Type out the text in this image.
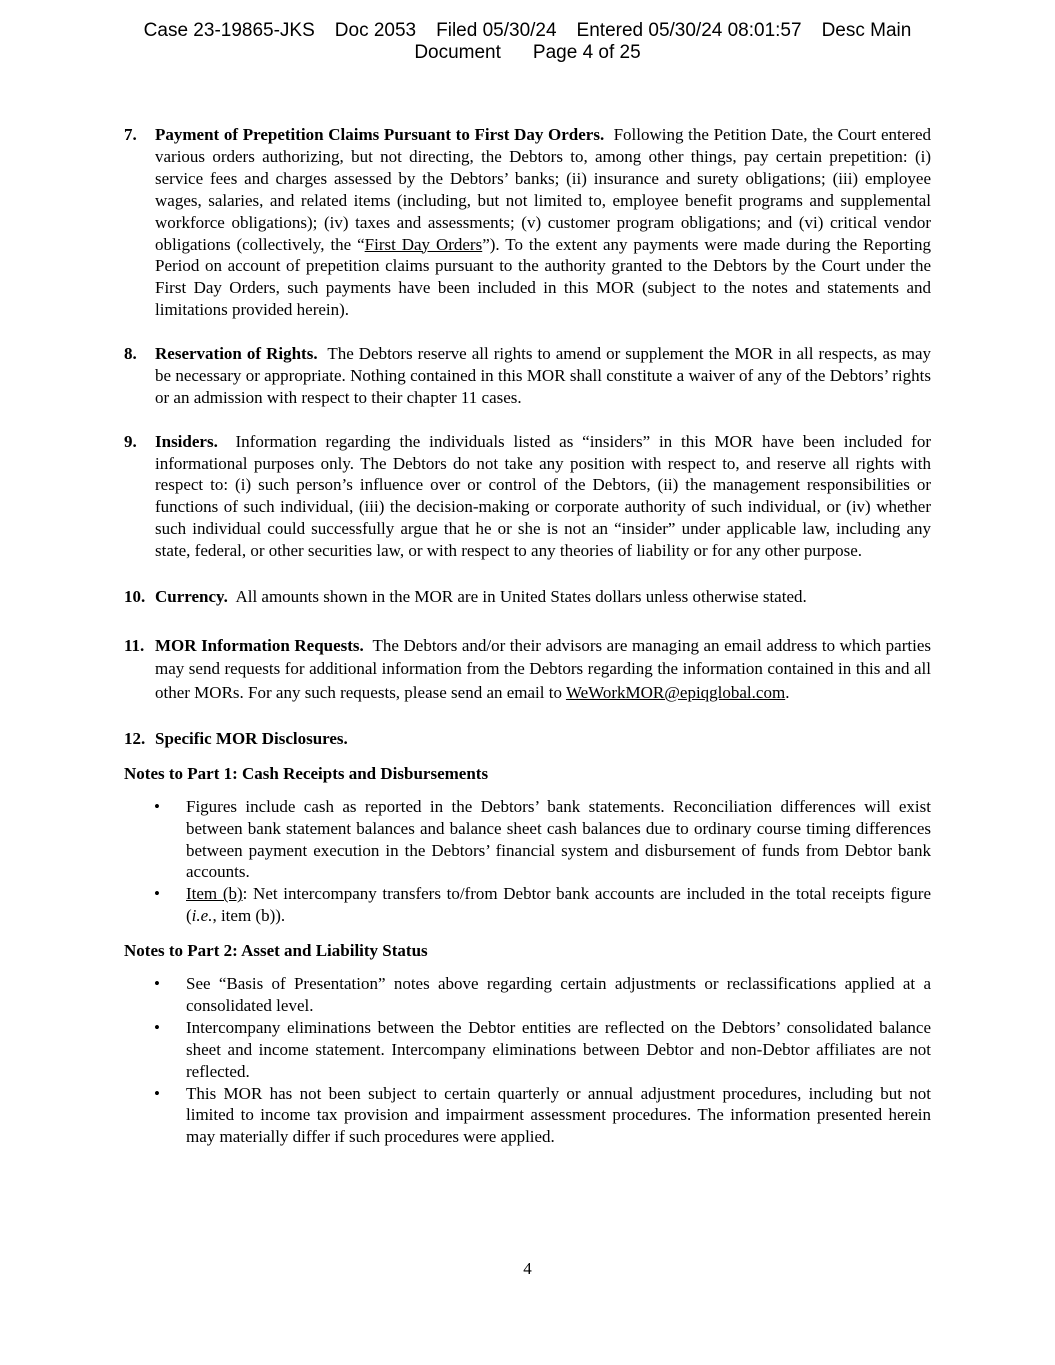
Case 23-19865-JKS Doc 2053 Filed 05/30/24 Entered 05/30/24 08:01:57 Desc Main
Document Page 4 of 25
7. Payment of Prepetition Claims Pursuant to First Day Orders. Following the Petition Date, the Court entered various orders authorizing, but not directing, the Debtors to, among other things, pay certain prepetition: (i) service fees and charges assessed by the Debtors’ banks; (ii) insurance and surety obligations; (iii) employee wages, salaries, and related items (including, but not limited to, employee benefit programs and supplemental workforce obligations); (iv) taxes and assessments; (v) customer program obligations; and (vi) critical vendor obligations (collectively, the “First Day Orders”). To the extent any payments were made during the Reporting Period on account of prepetition claims pursuant to the authority granted to the Debtors by the Court under the First Day Orders, such payments have been included in this MOR (subject to the notes and statements and limitations provided herein).
8. Reservation of Rights. The Debtors reserve all rights to amend or supplement the MOR in all respects, as may be necessary or appropriate. Nothing contained in this MOR shall constitute a waiver of any of the Debtors’ rights or an admission with respect to their chapter 11 cases.
9. Insiders. Information regarding the individuals listed as “insiders” in this MOR have been included for informational purposes only. The Debtors do not take any position with respect to, and reserve all rights with respect to: (i) such person’s influence over or control of the Debtors, (ii) the management responsibilities or functions of such individual, (iii) the decision-making or corporate authority of such individual, or (iv) whether such individual could successfully argue that he or she is not an “insider” under applicable law, including any state, federal, or other securities law, or with respect to any theories of liability or for any other purpose.
10. Currency. All amounts shown in the MOR are in United States dollars unless otherwise stated.
11. MOR Information Requests. The Debtors and/or their advisors are managing an email address to which parties may send requests for additional information from the Debtors regarding the information contained in this and all other MORs. For any such requests, please send an email to WeWorkMOR@epiqglobal.com.
12. Specific MOR Disclosures.
Notes to Part 1: Cash Receipts and Disbursements
• Figures include cash as reported in the Debtors’ bank statements. Reconciliation differences will exist between bank statement balances and balance sheet cash balances due to ordinary course timing differences between payment execution in the Debtors’ financial system and disbursement of funds from Debtor bank accounts.
• Item (b): Net intercompany transfers to/from Debtor bank accounts are included in the total receipts figure (i.e., item (b)).
Notes to Part 2: Asset and Liability Status
• See “Basis of Presentation” notes above regarding certain adjustments or reclassifications applied at a consolidated level.
• Intercompany eliminations between the Debtor entities are reflected on the Debtors’ consolidated balance sheet and income statement. Intercompany eliminations between Debtor and non-Debtor affiliates are not reflected.
• This MOR has not been subject to certain quarterly or annual adjustment procedures, including but not limited to income tax provision and impairment assessment procedures. The information presented herein may materially differ if such procedures were applied.
4
